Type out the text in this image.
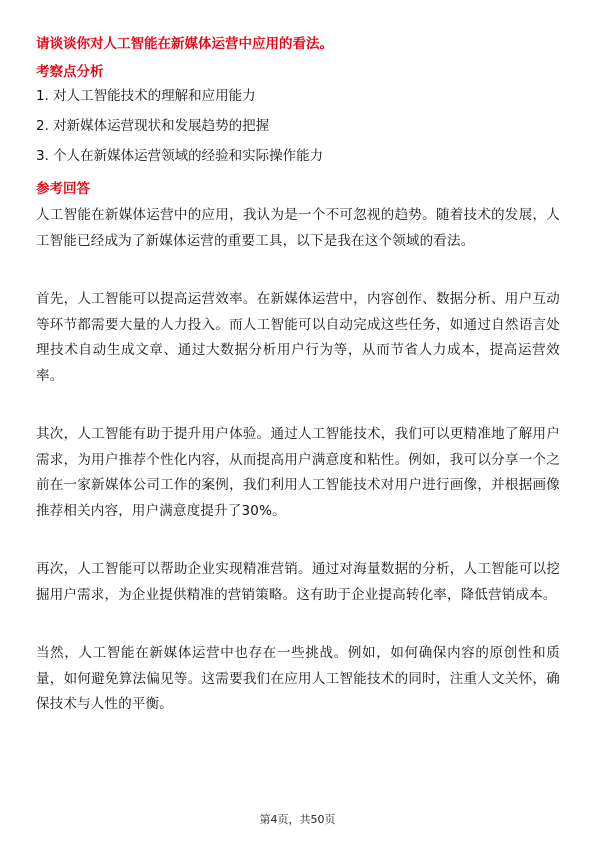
请谈谈你对人工智能在新媒体运营中应用的看法。
考察点分析
1. 对人工智能技术的理解和应用能力
2. 对新媒体运营现状和发展趋势的把握
3. 个人在新媒体运营领域的经验和实际操作能力
参考回答

人工智能在新媒体运营中的应用，我认为是一个不可忽视的趋势。随着技术的发展，人工智能已经成为了新媒体运营的重要工具，以下是我在这个领域的看法。

首先，人工智能可以提高运营效率。在新媒体运营中，内容创作、数据分析、用户互动等环节都需要大量的人力投入。而人工智能可以自动完成这些任务，如通过自然语言处理技术自动生成文章、通过大数据分析用户行为等，从而节省人力成本，提高运营效率。

其次，人工智能有助于提升用户体验。通过人工智能技术，我们可以更精准地了解用户需求，为用户推荐个性化内容，从而提高用户满意度和粘性。例如，我可以分享一个之前在一家新媒体公司工作的案例，我们利用人工智能技术对用户进行画像，并根据画像推荐相关内容，用户满意度提升了30%。

再次，人工智能可以帮助企业实现精准营销。通过对海量数据的分析，人工智能可以挖掘用户需求，为企业提供精准的营销策略。这有助于企业提高转化率，降低营销成本。

当然，人工智能在新媒体运营中也存在一些挑战。例如，如何确保内容的原创性和质量，如何避免算法偏见等。这需要我们在应用人工智能技术的同时，注重人文关怀，确保技术与人性的平衡。

第4页，共50页
